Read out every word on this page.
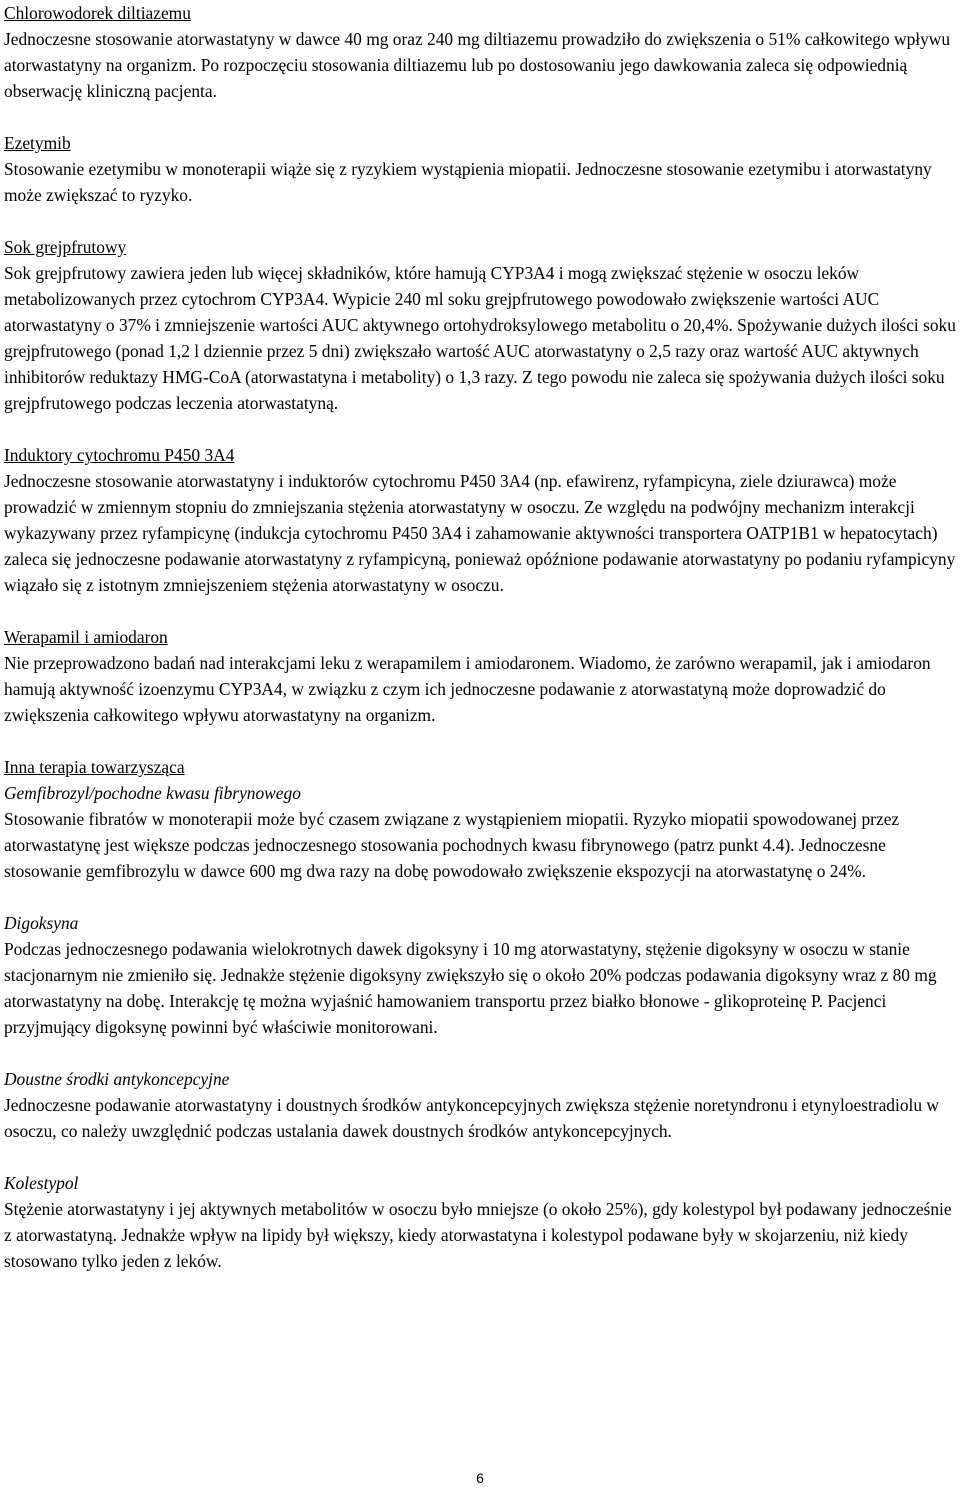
Chlorowodorek diltiazemu

Jednoczesne stosowanie atorwastatyny w dawce 40 mg oraz 240 mg diltiazemu prowadziło do zwiększenia o 51% całkowitego wpływu atorwastatyny na organizm. Po rozpoczęciu stosowania diltiazemu lub po dostosowaniu jego dawkowania zaleca się odpowiednią obserwację kliniczną pacjenta.

Ezetymib

Stosowanie ezetymibu w monoterapii wiąże się z ryzykiem wystąpienia miopatii. Jednoczesne stosowanie ezetymibu i atorwastatyny może zwiększać to ryzyko.

Sok grejpfrutowy

Sok grejpfrutowy zawiera jeden lub więcej składników, które hamują CYP3A4 i mogą zwiększać stężenie w osoczu leków metabolizowanych przez cytochrom CYP3A4. Wypicie 240 ml soku grejpfrutowego powodowało zwiększenie wartości AUC atorwastatyny o 37% i zmniejszenie wartości AUC aktywnego ortohydroksylowego metabolitu o 20,4%. Spożywanie dużych ilości soku grejpfrutowego (ponad 1,2 l dziennie przez 5 dni) zwiększało wartość AUC atorwastatyny o 2,5 razy oraz wartość AUC aktywnych inhibitorów reduktazy HMG-CoA (atorwastatyna i metabolity) o 1,3 razy. Z tego powodu nie zaleca się spożywania dużych ilości soku grejpfrutowego podczas leczenia atorwastatyną.

Induktory cytochromu P450 3A4

Jednoczesne stosowanie atorwastatyny i induktorów cytochromu P450 3A4 (np. efawirenz, ryfampicyna, ziele dziurawca) może prowadzić w zmiennym stopniu do zmniejszania stężenia atorwastatyny w osoczu. Ze względu na podwójny mechanizm interakcji wykazywany przez ryfampicynę (indukcja cytochromu P450 3A4 i zahamowanie aktywności transportera OATP1B1 w hepatocytach) zaleca się jednoczesne podawanie atorwastatyny z ryfampicyną, ponieważ opóźnione podawanie atorwastatyny po podaniu ryfampicyny wiązało się z istotnym zmniejszeniem stężenia atorwastatyny w osoczu.

Werapamil i amiodaron

Nie przeprowadzono badań nad interakcjami leku z werapamilem i amiodaronem. Wiadomo, że zarówno werapamil, jak i amiodaron hamują aktywność izoenzymu CYP3A4, w związku z czym ich jednoczesne podawanie z atorwastatyną może doprowadzić do zwiększenia całkowitego wpływu atorwastatyny na organizm.

Inna terapia towarzysząca
Gemfibrozyl/pochodne kwasu fibrynowego

Stosowanie fibratów w monoterapii może być czasem związane z wystąpieniem miopatii. Ryzyko miopatii spowodowanej przez atorwastatynę jest większe podczas jednoczesnego stosowania pochodnych kwasu fibrynowego (patrz punkt 4.4). Jednoczesne stosowanie gemfibrozylu w dawce 600 mg dwa razy na dobę powodowało zwiększenie ekspozycji na atorwastatynę o 24%.

Digoksyna

Podczas jednoczesnego podawania wielokrotnych dawek digoksyny i 10 mg atorwastatyny, stężenie digoksyny w osoczu w stanie stacjonarnym nie zmieniło się. Jednakże stężenie digoksyny zwiększyło się o około 20% podczas podawania digoksyny wraz z 80 mg atorwastatyny na dobę. Interakcję tę można wyjaśnić hamowaniem transportu przez białko błonowe - glikoproteinę P. Pacjenci przyjmujący digoksynę powinni być właściwie monitorowani.

Doustne środki antykoncepcyjne

Jednoczesne podawanie atorwastatyny i doustnych środków antykoncepcyjnych zwiększa stężenie noretyndronu i etynyloestradiolu w osoczu, co należy uwzględnić podczas ustalania dawek doustnych środków antykoncepcyjnych.

Kolestypol

Stężenie atorwastatyny i jej aktywnych metabolitów w osoczu było mniejsze (o około 25%), gdy kolestypol był podawany jednocześnie z atorwastatyną. Jednakże wpływ na lipidy był większy, kiedy atorwastatyna i kolestypol podawane były w skojarzeniu, niż kiedy stosowano tylko jeden z leków.

6
